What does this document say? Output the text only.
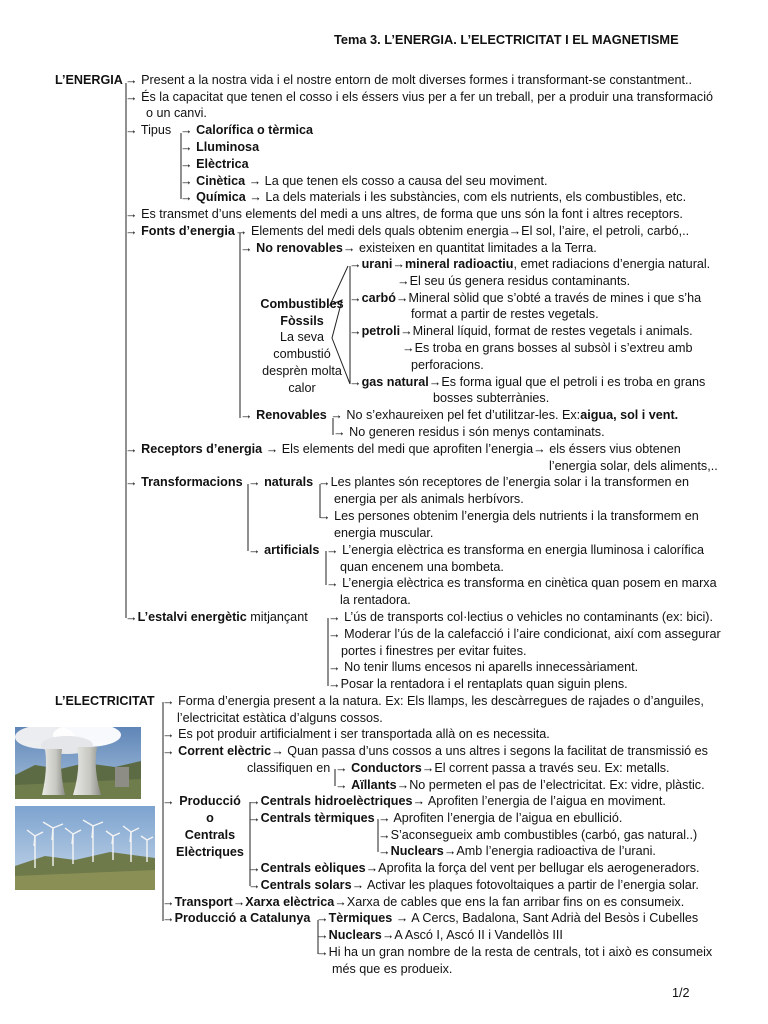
Tema 3. L’ENERGIA. L’ELECTRICITAT I EL MAGNETISME
L’ENERGIA → Present a la nostra vida i el nostre entorn de molt diverses formes i transformant-se constantment..
→ És la capacitat que tenen el cosso i els éssers vius per a fer un treball, per a produir una transformació
o un canvi.
→ Tipus → Calorífica o tèrmica
→ Lluminosa
→ Elèctrica
→ Cinètica → La que tenen els cosso a causa del seu moviment.
→ Química → La dels materials i les substàncies, com els nutrients, els combustibles, etc.
→ Es transmet d’uns elements del medi a uns altres, de forma que uns són la font i altres receptors.
→ Fonts d’energia→ Elements del medi dels quals obtenim energia→El sol, l’aire, el petroli, carbó,..
→ No renovables→ existeixen en quantitat limitades a la Terra.
Combustibles
Fòssils
La seva
combustió
desprèn molta
calor
→urani→mineral radioactiu, emet radiacions d’energia natural.
→El seu ús genera residus contaminants.
→carbó→Mineral sòlid que s’obté a través de mines i que s’ha
format a partir de restes vegetals.
→petroli→Mineral líquid, format de restes vegetals i animals.
→Es troba en grans bosses al subsòl i s’extreu amb
perforacions.
→gas natural→Es forma igual que el petroli i es troba en grans
bosses subterrànies.
→ Renovables → No s’exhaureixen pel fet d’utilitzar-les. Ex:aigua, sol i vent.
→ No generen residus i són menys contaminats.
→ Receptors d’energia → Els elements del medi que aprofiten l’energia→ els éssers vius obtenen
l’energia solar, dels aliments,..
→ Transformacions → naturals →Les plantes són receptores de l’energia solar i la transformen en
energia per als animals herbívors.
→ Les persones obtenim l’energia dels nutrients i la transformem en
energia muscular.
→ artificials → L’energia elèctrica es transforma en energia lluminosa i calorífica
quan encenem una bombeta.
→ L’energia elèctrica es transforma en cinètica quan posem en marxa
la rentadora.
→L’estalvi energètic mitjançant → L’ús de transports col·lectius o vehicles no contaminants (ex: bici).
→ Moderar l’ús de la calefacció i l’aire condicionat, així com assegurar
portes i finestres per evitar fuites.
→ No tenir llums encesos ni aparells innecessàriament.
→Posar la rentadora i el rentaplats quan siguin plens.
L’ELECTRICITAT → Forma d’energia present a la natura. Ex: Els llamps, les descàrregues de rajades o d’anguiles,
l’electricitat estàtica d’alguns cossos.
→ Es pot produir artificialment i ser transportada allà on es necessita.
→ Corrent elèctric→ Quan passa d’uns cossos a uns altres i segons la facilitat de transmissió es
classifiquen en → Conductors→El corrent passa a través seu. Ex: metalls.
→ Aïllants→No permeten el pas de l’electricitat. Ex: vidre, plàstic.
→ Producció
o
Centrals
Elèctriques
→Centrals hidroelèctriques→ Aprofiten l’energia de l’aigua en moviment.
→Centrals tèrmiques → Aprofiten l’energia de l’aigua en ebullició.
→S’aconsegueix amb combustibles (carbó, gas natural..)
→Nuclears→Amb l’energia radioactiva de l’urani.
→Centrals eòliques→Aprofita la força del vent per bellugar els aerogeneradors.
→Centrals solars→ Activar les plaques fotovoltaiques a partir de l’energia solar.
→Transport→Xarxa elèctrica→Xarxa de cables que ens la fan arribar fins on es consumeix.
→Producció a Catalunya →Tèrmiques → A Cercs, Badalona, Sant Adrià del Besòs i Cubelles
→Nuclears→A Ascó I, Ascó II i Vandellòs III
→Hi ha un gran nombre de la resta de centrals, tot i això es consumeix
més que es produeix.
1/2
